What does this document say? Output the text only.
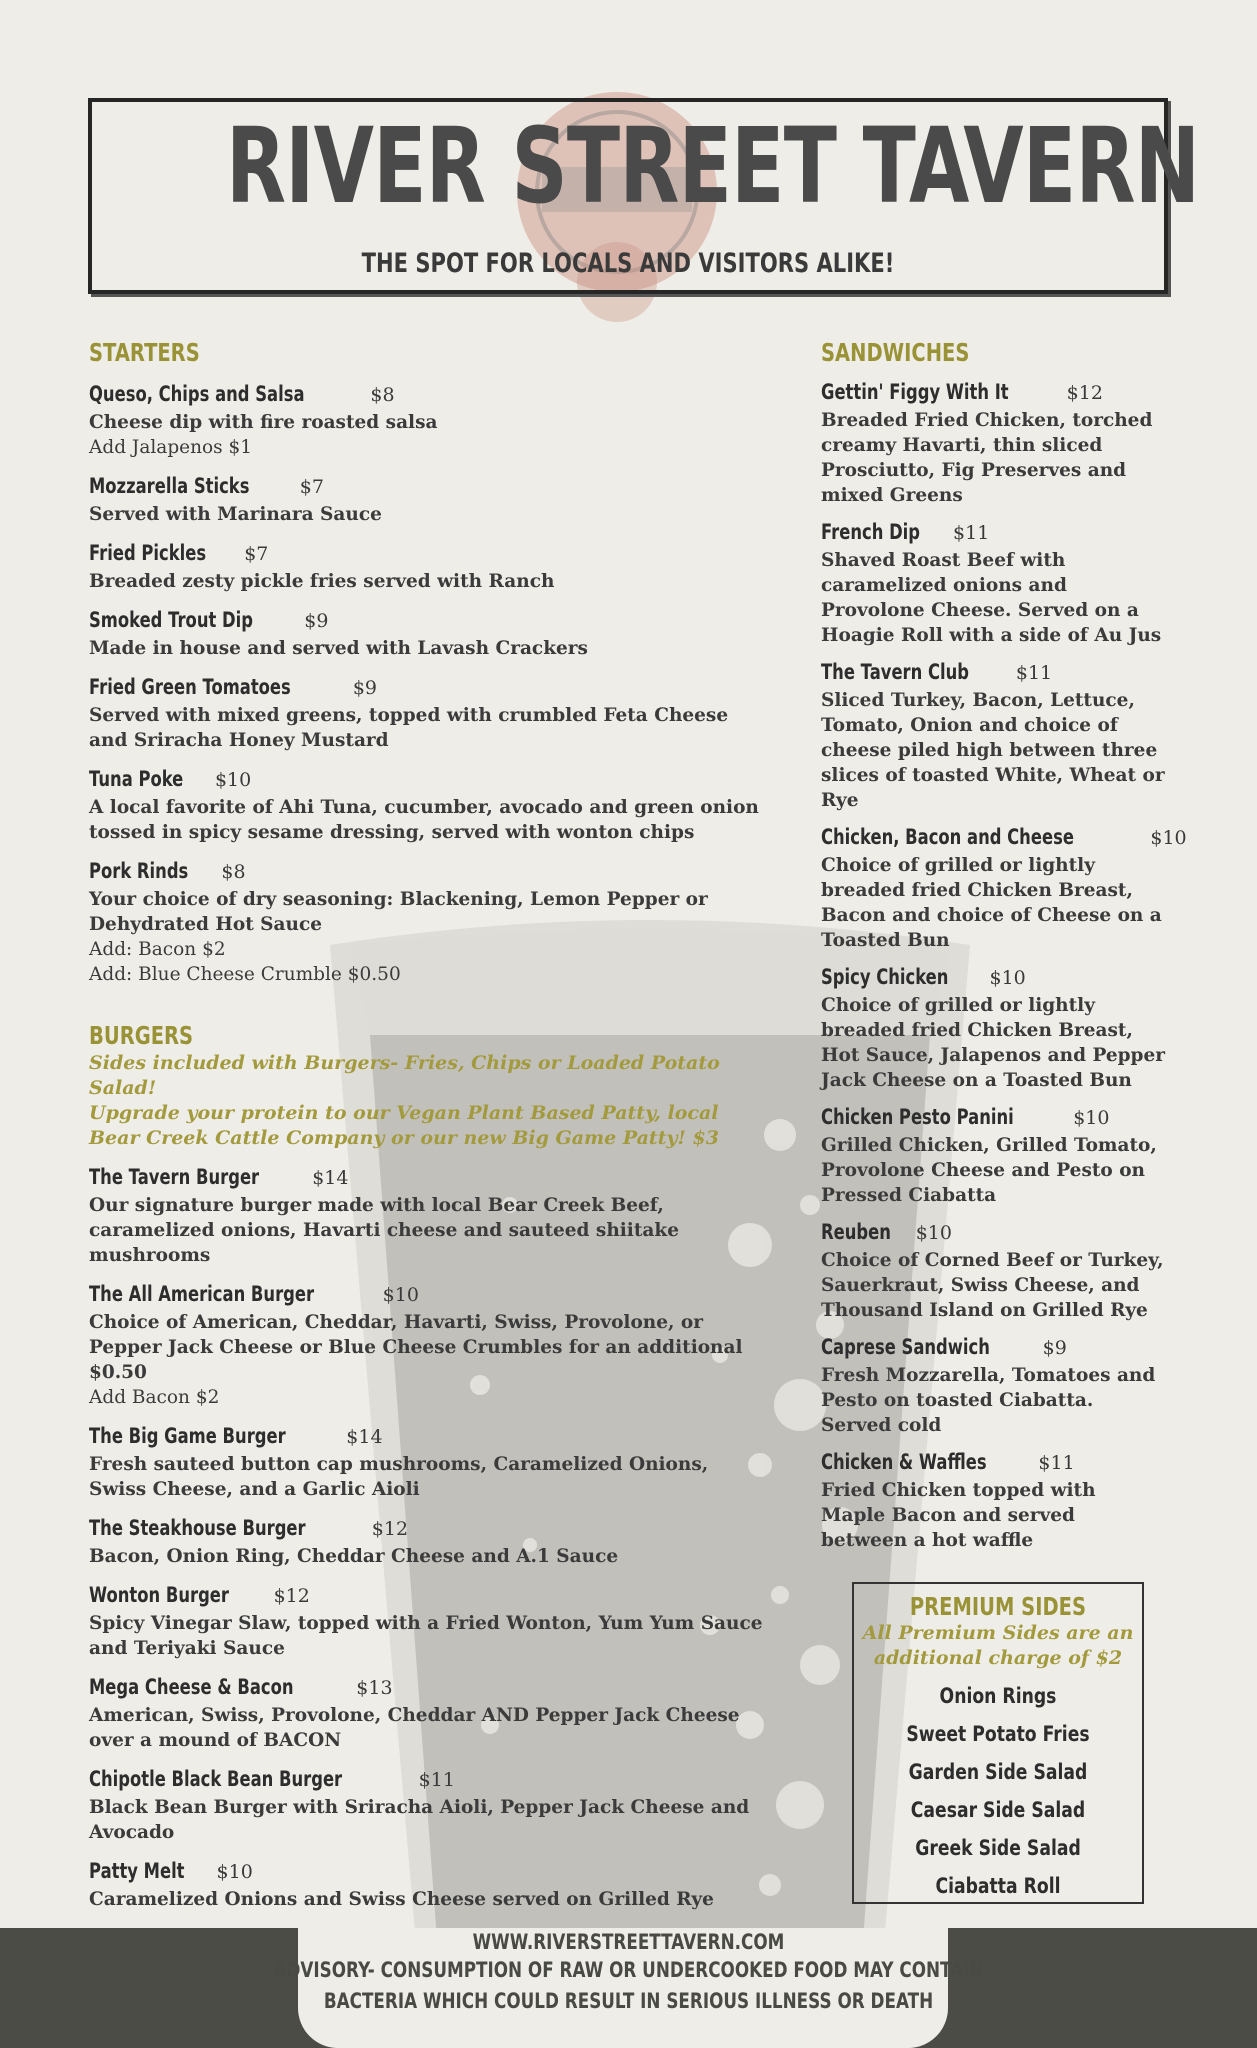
RIVER STREET TAVERN
THE SPOT FOR LOCALS AND VISITORS ALIKE!
STARTERS
Queso, Chips and Salsa	$8
Cheese dip with fire roasted salsa
Add Jalapenos $1
Mozzarella Sticks	$7
Served with Marinara Sauce
Fried Pickles $7
Breaded zesty pickle fries served with Ranch
Smoked Trout Dip	$9
Made in house and served with Lavash Crackers
Fried Green Tomatoes	$9
Served with mixed greens, topped with crumbled Feta Cheese and Sriracha Honey Mustard
Tuna Poke $10
A local favorite of Ahi Tuna, cucumber, avocado and green onion tossed in spicy sesame dressing, served with wonton chips
Pork Rinds $8
Your choice of dry seasoning: Blackening, Lemon Pepper or Dehydrated Hot Sauce
Add: Bacon $2
Add: Blue Cheese Crumble $0.50
BURGERS
Sides included with Burgers- Fries, Chips or Loaded Potato Salad!
Upgrade your protein to our Vegan Plant Based Patty, local Bear Creek Cattle Company or our new Big Game Patty! $3
The Tavern Burger	$14
Our signature burger made with local Bear Creek Beef, caramelized onions, Havarti cheese and sauteed shiitake mushrooms
The All American Burger	$10
Choice of American, Cheddar, Havarti, Swiss, Provolone, or Pepper Jack Cheese or Blue Cheese Crumbles for an additional $0.50
Add Bacon $2
The Big Game Burger	$14
Fresh sauteed button cap mushrooms, Caramelized Onions, Swiss Cheese, and a Garlic Aioli
The Steakhouse Burger	$12
Bacon, Onion Ring, Cheddar Cheese and A.1 Sauce
Wonton Burger $12
Spicy Vinegar Slaw, topped with a Fried Wonton, Yum Yum Sauce and Teriyaki Sauce
Mega Cheese & Bacon	$13
American, Swiss, Provolone, Cheddar AND Pepper Jack Cheese over a mound of BACON
Chipotle Black Bean Burger	$11
Black Bean Burger with Sriracha Aioli, Pepper Jack Cheese and Avocado
Patty Melt $10
Caramelized Onions and Swiss Cheese served on Grilled Rye
SANDWICHES
Gettin' Figgy With It	$12
Breaded Fried Chicken, torched creamy Havarti, thin sliced Prosciutto, Fig Preserves and mixed Greens
French Dip $11
Shaved Roast Beef with caramelized onions and Provolone Cheese. Served on a Hoagie Roll with a side of Au Jus
The Tavern Club $11
Sliced Turkey, Bacon, Lettuce, Tomato, Onion and choice of cheese piled high between three slices of toasted White, Wheat or Rye
Chicken, Bacon and Cheese	$10
Choice of grilled or lightly breaded fried Chicken Breast, Bacon and choice of Cheese on a Toasted Bun
Spicy Chicken $10
Choice of grilled or lightly breaded fried Chicken Breast, Hot Sauce, Jalapenos and Pepper Jack Cheese on a Toasted Bun
Chicken Pesto Panini	$10
Grilled Chicken, Grilled Tomato, Provolone Cheese and Pesto on Pressed Ciabatta
Reuben $10
Choice of Corned Beef or Turkey, Sauerkraut, Swiss Cheese, and Thousand Island on Grilled Rye
Caprese Sandwich	$9
Fresh Mozzarella, Tomatoes and Pesto on toasted Ciabatta. Served cold
Chicken & Waffles	$11
Fried Chicken topped with Maple Bacon and served between a hot waffle
PREMIUM SIDES
All Premium Sides are an additional charge of $2
Onion Rings
Sweet Potato Fries
Garden Side Salad
Caesar Side Salad
Greek Side Salad
Ciabatta Roll
WWW.RIVERSTREETTAVERN.COM
ADVISORY- CONSUMPTION OF RAW OR UNDERCOOKED FOOD MAY CONTAIN
BACTERIA WHICH COULD RESULT IN SERIOUS ILLNESS OR DEATH
